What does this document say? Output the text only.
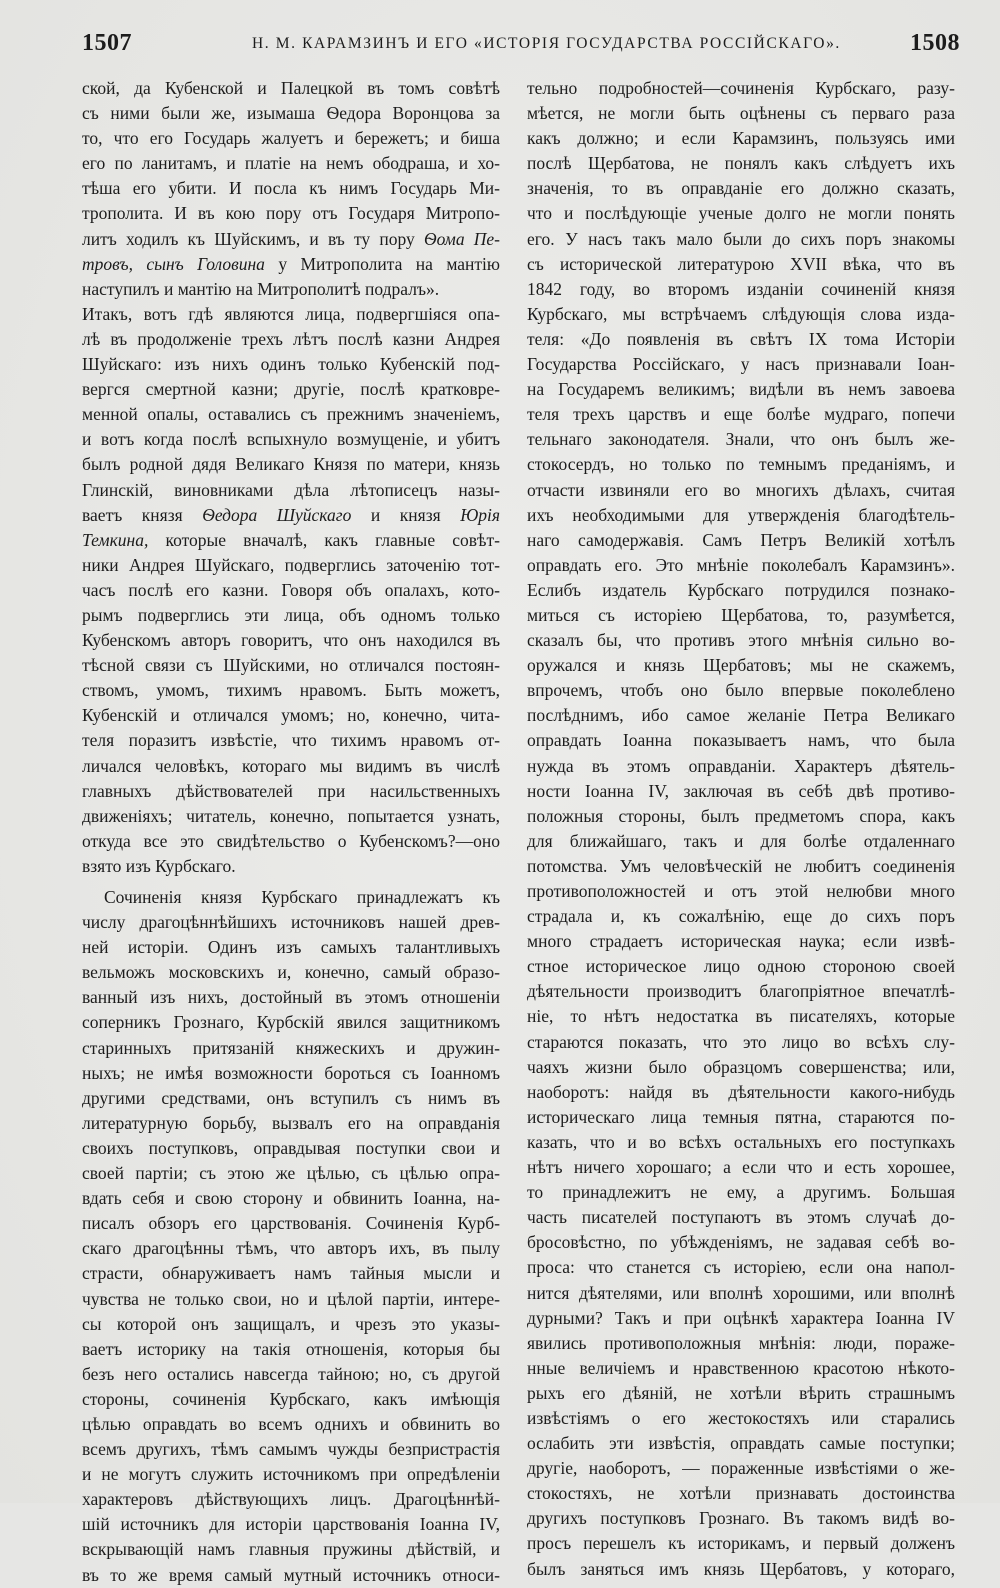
1507	Н. М. КАРАМЗИНЪ И ЕГО «ИСТОРІЯ ГОСУДАРСТВА РОССІЙСКАГО».	1508
ской, да Кубенской и Палецкой въ томъ совѣтѣ
съ ними были же, изымаша Ѳедора Воронцова за
то, что его Государь жалуетъ и бережетъ; и биша
его по ланитамъ, и платіе на немъ ободраша, и хо-
тѣша его убити. И посла къ нимъ Государь Ми-
трополита. И въ кою пору отъ Государя Митропо-
литъ ходилъ къ Шуйскимъ, и въ ту пору Ѳома Пе-
тровъ, сынъ Головина у Митрополита на мантію
наступилъ и мантію на Митрополитѣ подралъ».
Итакъ, вотъ гдѣ являются лица, подвергшіяся опа-
лѣ въ продолженіе трехъ лѣтъ послѣ казни Андрея
Шуйскаго: изъ нихъ одинъ только Кубенскій под-
вергся смертной казни; другіе, послѣ кратковре-
менной опалы, оставались съ прежнимъ значеніемъ,
и вотъ когда послѣ вспыхнуло возмущеніе, и убитъ
былъ родной дядя Великаго Князя по матери, князь
Глинскій, виновниками дѣла лѣтописецъ назы-
ваетъ князя Ѳедора Шуйскаго и князя Юрія
Темкина, которые вначалѣ, какъ главные совѣт-
ники Андрея Шуйскаго, подверглись заточенію тот-
часъ послѣ его казни. Говоря объ опалахъ, кото-
рымъ подверглись эти лица, объ одномъ только
Кубенскомъ авторъ говоритъ, что онъ находился въ
тѣсной связи съ Шуйскими, но отличался постоян-
ствомъ, умомъ, тихимъ нравомъ. Быть можетъ,
Кубенскій и отличался умомъ; но, конечно, чита-
теля поразитъ извѣстіе, что тихимъ нравомъ от-
личался человѣкъ, котораго мы видимъ въ числѣ
главныхъ дѣйствователей при насильственныхъ
движеніяхъ; читатель, конечно, попытается узнать,
откуда все это свидѣтельство о Кубенскомъ?—оно
взято изъ Курбскаго.
Сочиненія князя Курбскаго принадлежатъ къ
числу драгоцѣннѣйшихъ источниковъ нашей древ-
ней исторіи. Одинъ изъ самыхъ талантливыхъ
вельможъ московскихъ и, конечно, самый образо-
ванный изъ нихъ, достойный въ этомъ отношеніи
соперникъ Грознаго, Курбскій явился защитникомъ
старинныхъ притязаній княжескихъ и дружин-
ныхъ; не имѣя возможности бороться съ Іоанномъ
другими средствами, онъ вступилъ съ нимъ въ
литературную борьбу, вызвалъ его на оправданія
своихъ поступковъ, оправдывая поступки свои и
своей партіи; съ этою же цѣлью, съ цѣлью опра-
вдать себя и свою сторону и обвинить Іоанна, на-
писалъ обзоръ его царствованія. Сочиненія Курб-
скаго драгоцѣнны тѣмъ, что авторъ ихъ, въ пылу
страсти, обнаруживаетъ намъ тайныя мысли и
чувства не только свои, но и цѣлой партіи, интере-
сы которой онъ защищалъ, и чрезъ это указы-
ваетъ историку на такія отношенія, которыя бы
безъ него остались навсегда тайною; но, съ другой
стороны, сочиненія Курбскаго, какъ имѣющія
цѣлью оправдать во всемъ однихъ и обвинить во
всемъ другихъ, тѣмъ самымъ чужды безпристрастія
и не могутъ служить источникомъ при опредѣленіи
характеровъ дѣйствующихъ лицъ. Драгоцѣннѣй-
шій источникъ для исторіи царствованія Іоанна IV,
вскрывающій намъ главныя пружины дѣйствій, и
въ то же время самый мутный источникъ относи-
тельно подробностей—сочиненія Курбскаго, разу-
мѣется, не могли быть оцѣнены съ перваго раза
какъ должно; и если Карамзинъ, пользуясь ими
послѣ Щербатова, не понялъ какъ слѣдуетъ ихъ
значенія, то въ оправданіе его должно сказать,
что и послѣдующіе ученые долго не могли понять
его. У насъ такъ мало были до сихъ поръ знакомы
съ исторической литературою XVII вѣка, что въ
1842 году, во второмъ изданіи сочиненій князя
Курбскаго, мы встрѣчаемъ слѣдующія слова изда-
теля: «До появленія въ свѣтъ IX тома Исторіи
Государства Россійскаго, у насъ признавали Іоан-
на Государемъ великимъ; видѣли въ немъ завоева
теля трехъ царствъ и еще болѣе мудраго, попечи
тельнаго законодателя. Знали, что онъ былъ же-
стокосердъ, но только по темнымъ преданіямъ, и
отчасти извиняли его во многихъ дѣлахъ, считая
ихъ необходимыми для утвержденія благодѣтель-
наго самодержавія. Самъ Петръ Великій хотѣлъ
оправдать его. Это мнѣніе поколебалъ Карамзинъ».
Еслибъ издатель Курбскаго потрудился познако-
миться съ исторіею Щербатова, то, разумѣется,
сказалъ бы, что противъ этого мнѣнія сильно во-
оружался и князь Щербатовъ; мы не скажемъ,
впрочемъ, чтобъ оно было впервые поколеблено
послѣднимъ, ибо самое желаніе Петра Великаго
оправдать Іоанна показываетъ намъ, что была
нужда въ этомъ оправданіи. Характеръ дѣятель-
ности Іоанна IV, заключая въ себѣ двѣ противо-
положныя стороны, былъ предметомъ спора, какъ
для ближайшаго, такъ и для болѣе отдаленнаго
потомства. Умъ человѣческій не любитъ соединенія
противоположностей и отъ этой нелюбви много
страдала и, къ сожалѣнію, еще до сихъ поръ
много страдаетъ историческая наука; если извѣ-
стное историческое лицо одною стороною своей
дѣятельности производитъ благопріятное впечатлѣ-
ніе, то нѣтъ недостатка въ писателяхъ, которые
стараются показать, что это лицо во всѣхъ слу-
чаяхъ жизни было образцомъ совершенства; или,
наоборотъ: найдя въ дѣятельности какого-нибудь
историческаго лица темныя пятна, стараются по-
казать, что и во всѣхъ остальныхъ его поступкахъ
нѣтъ ничего хорошаго; а если что и есть хорошее,
то принадлежитъ не ему, а другимъ. Большая
часть писателей поступаютъ въ этомъ случаѣ до-
бросовѣстно, по убѣжденіямъ, не задавая себѣ во-
проса: что станется съ исторіею, если она напол-
нится дѣятелями, или вполнѣ хорошими, или вполнѣ
дурными? Такъ и при оцѣнкѣ характера Іоанна IV
явились противоположныя мнѣнія: люди, пораже-
нные величіемъ и нравственною красотою нѣкото-
рыхъ его дѣяній, не хотѣли вѣрить страшнымъ
извѣстіямъ о его жестокостяхъ или старались
ослабить эти извѣстія, оправдать самые поступки;
другіе, наоборотъ, — пораженные извѣстіями о же-
стокостяхъ, не хотѣли признавать достоинства
другихъ поступковъ Грознаго. Въ такомъ видѣ во-
просъ перешелъ къ историкамъ, и первый долженъ
былъ заняться имъ князь Щербатовъ, у котораго,
